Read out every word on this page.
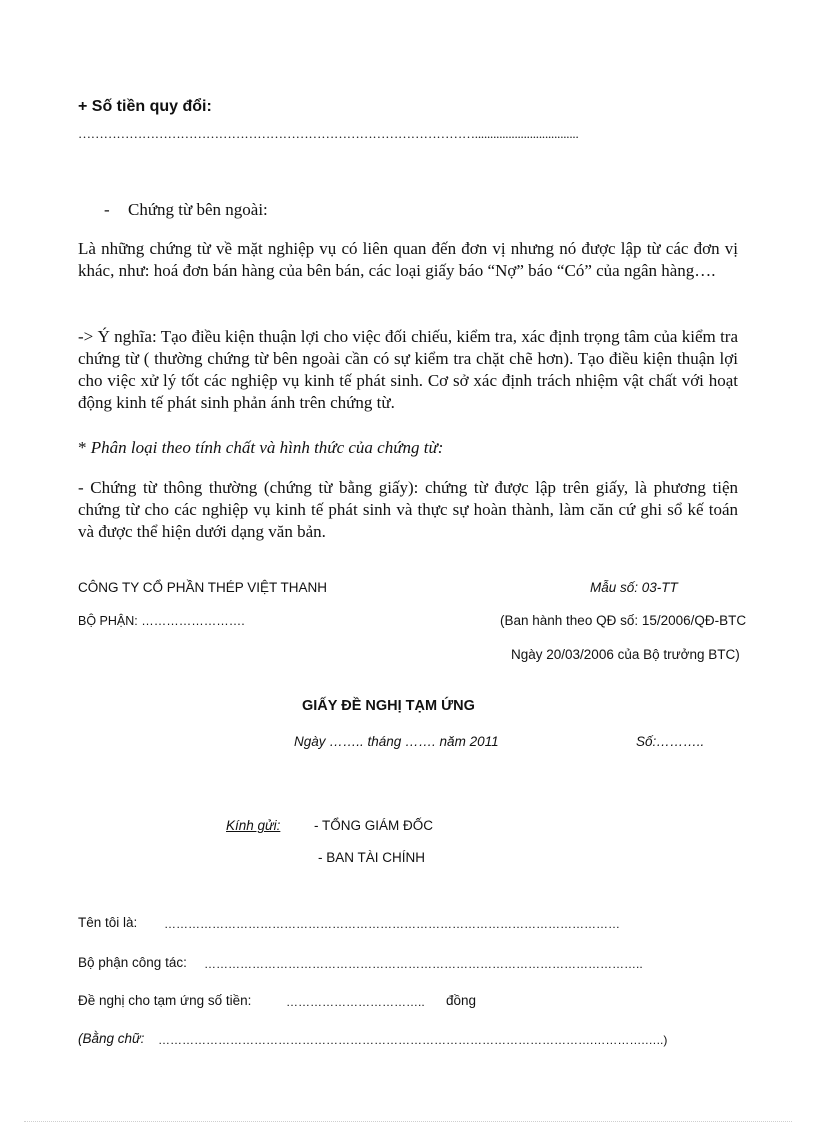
+ Số tiền quy đổi:
…………………………………………………………………………………..................................
- Chứng từ bên ngoài:
Là những chứng từ về mặt nghiệp vụ có liên quan đến đơn vị nhưng nó được lập từ các đơn vị khác, như: hoá đơn bán hàng của bên bán, các loại giấy báo “Nợ” báo “Có” của ngân hàng….
-> Ý nghĩa: Tạo điều kiện thuận lợi cho việc đối chiếu, kiểm tra, xác định trọng tâm của kiểm tra chứng từ ( thường chứng từ bên ngoài cần có sự kiểm tra chặt chẽ hơn). Tạo điều kiện thuận lợi cho việc xử lý tốt các nghiệp vụ kinh tế phát sinh. Cơ sở xác định trách nhiệm vật chất với hoạt động kinh tế phát sinh phản ánh trên chứng từ.
* Phân loại theo tính chất và hình thức của chứng từ:
- Chứng từ thông thường (chứng từ bằng giấy): chứng từ được lập trên giấy, là phương tiện chứng từ cho các nghiệp vụ kinh tế phát sinh và thực sự hoàn thành, làm căn cứ ghi sổ kế toán và được thể hiện dưới dạng văn bản.
CÔNG TY CỔ PHẦN THÉP VIỆT THANH	Mẫu số: 03-TT
BỘ PHẬN: …………………….	(Ban hành theo QĐ số: 15/2006/QĐ-BTC
Ngày 20/03/2006 của Bộ trưởng BTC)
GIẤY ĐỀ NGHỊ TẠM ỨNG
Ngày …….. tháng ……. năm 2011	Số:………..
Kính gửi: - TỔNG GIÁM ĐỐC
- BAN TÀI CHÍNH
Tên tôi là: ……………………………………………………………………………………………………
Bộ phận công tác: ………………………………………………………………………………………………..
Đề nghị cho tạm ứng số tiền:	…………………………….. đồng
(Bằng chữ: ……………………………………………………………………………………………….………….…..)
